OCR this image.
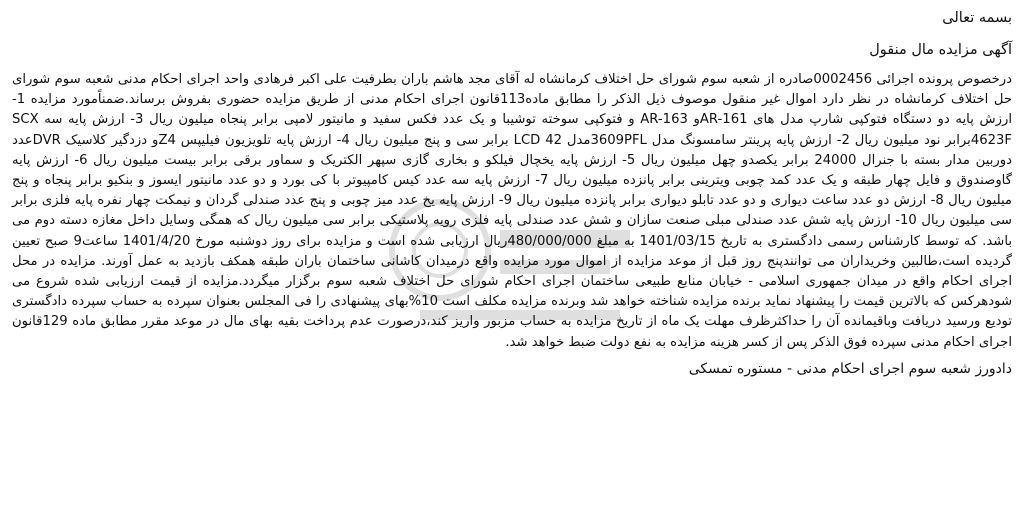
بسمه تعالی

آگهی مزایده مال منقول

درخصوص پرونده اجرائی 0002456صادره از شعبه سوم شورای حل اختلاف کرمانشاه له آقای مجد هاشم باران بطرفیت علی اکبر فرهادی واحد اجرای احکام مدنی شعبه سوم شورای حل اختلاف کرمانشاه در نظر دارد اموال غیر منقول موصوف ذیل الذکر را مطابق ماده113قانون اجرای احکام مدنی از طریق مزایده حضوری بفروش برساند.ضمناًمورد مزایده 1- ارزش پایه دو دستگاه فتوکپی شارپ مدل های AR-161و AR-163 و فتوکپی سوخته توشیبا و یک عدد فکس سفید و مانیتور لامپی برابر پنجاه میلیون ریال 3- ارزش پایه سه SCX 4623Fبرابر نود میلیون ریال 2- ارزش پایه پرینتر سامسونگ مدل 3609PFLمدل 42 LCD برابر سی و پنج میلیون ریال 4- ارزش پایه تلویزیون فیلیپس Z4و دزدگیر کلاسیک DVRعدد دوربین مدار بسته با جنرال 24000 برابر یکصدو چهل میلیون ریال 5- ارزش پایه یخچال فیلکو و بخاری گازی سپهر الکتریک و سماور برقی برابر بیست میلیون ریال 6- ارزش پایه گاوصندوق و فایل چهار طبقه و یک عدد کمد چوبی ویترینی برابر پانزده میلیون ریال 7- ارزش پایه سه عدد کیس کامپیوتر با کی بورد و دو عدد مانیتور ایسوز و بنکیو برابر پنجاه و پنج میلیون ریال 8- ارزش دو عدد ساعت دیواری و دو عدد تابلو دیواری برابر پانزده میلیون ریال 9- ارزش پایه یخ عدد میز چوبی و پنج عدد صندلی گردان و نیمکت چهار نفره پایه فلزی برابر سی میلیون ریال 10- ارزش پایه شش عدد صندلی مبلی صنعت سازان و شش عدد صندلی پایه فلزی رویه پلاستیکی برابر سی میلیون ریال که همگی وسایل داخل مغازه دسته دوم می باشد. که توسط کارشناس رسمی دادگستری به تاریخ 1401/03/15 به مبلغ 480/000/000ریال ارزیابی شده است و مزایده برای روز دوشنبه مورخ 1401/4/20 ساعت9 صبح تعیین گردیده است،طالبین وخریداران می توانندپنج روز قبل از موعد مزایده از اموال مورد مزایده واقع درمیدان کاشانی ساختمان باران طبقه همکف بازدید به عمل آورند. مزایده در محل اجرای احکام واقع در میدان جمهوری اسلامی - خیابان منابع طبیعی ساختمان اجرای احکام شورای حل اختلاف شعبه سوم برگزار میگردد.مزایده از قیمت ارزیابی شده شروع می شودهرکس که بالاترین قیمت را پیشنهاد نماید برنده مزایده شناخته خواهد شد وبرنده مزایده مکلف است 10%بهای پیشنهادی را فی المجلس بعنوان سپرده به حساب سپرده دادگستری تودیع ورسید دریافت وباقیمانده آن را حداکثرظرف مهلت یک ماه از تاریخ مزایده به حساب مزبور واریز کند،درصورت عدم پرداخت بقیه بهای مال در موعد مقرر مطابق ماده 129قانون اجرای احکام مدنی سپرده فوق الذکر پس از کسر هزینه مزایده به نفع دولت ضبط خواهد شد.

دادورز شعبه سوم اجرای احکام مدنی - مستوره تمسکی
